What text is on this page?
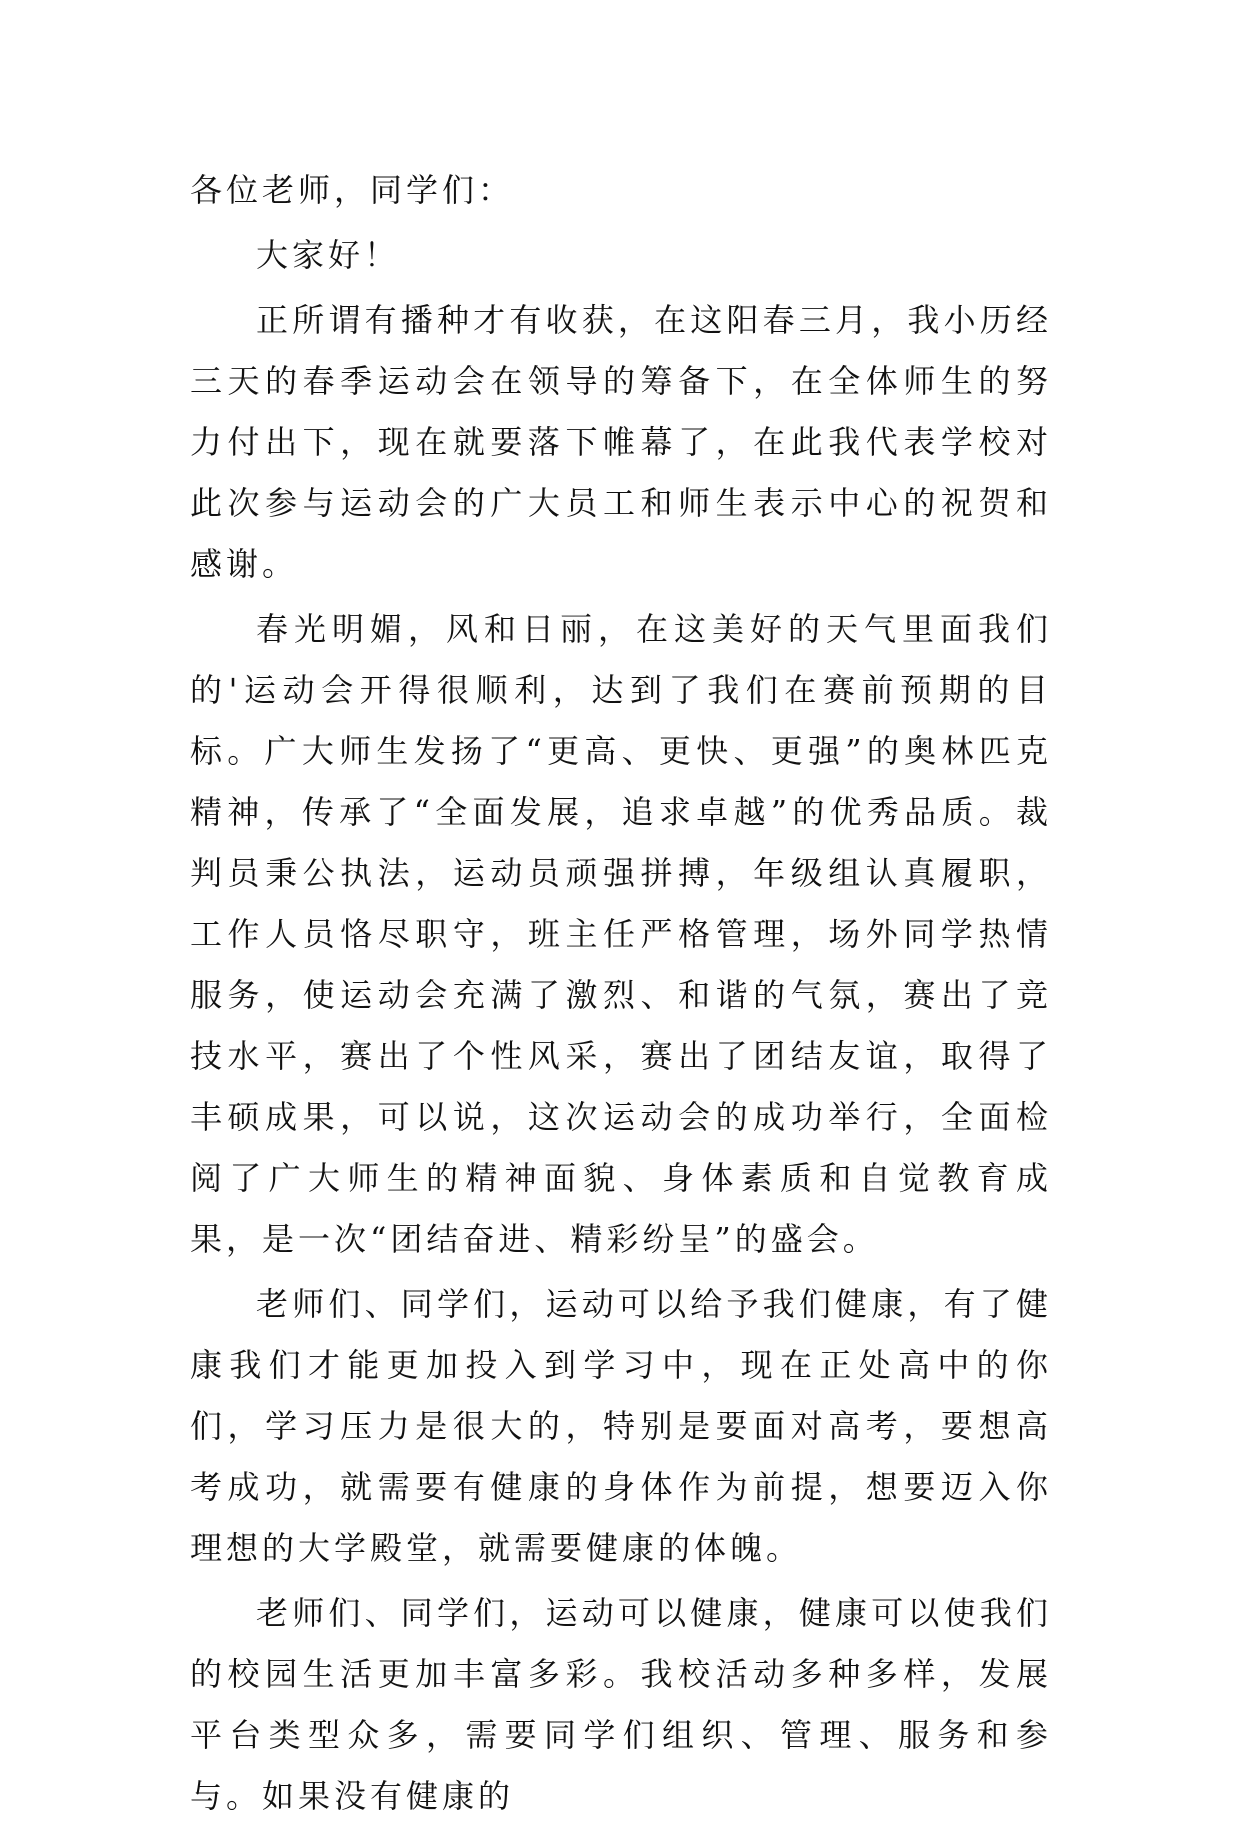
各位老师，同学们：

大家好！

正所谓有播种才有收获，在这阳春三月，我小历经三天的春季运动会在领导的筹备下，在全体师生的努力付出下，现在就要落下帷幕了，在此我代表学校对此次参与运动会的广大员工和师生表示中心的祝贺和感谢。

春光明媚，风和日丽，在这美好的天气里面我们的'运动会开得很顺利，达到了我们在赛前预期的目标。广大师生发扬了“更高、更快、更强”的奥林匹克精神，传承了“全面发展，追求卓越”的优秀品质。裁判员秉公执法，运动员顽强拼搏，年级组认真履职，工作人员恪尽职守，班主任严格管理，场外同学热情服务，使运动会充满了激烈、和谐的气氛，赛出了竞技水平，赛出了个性风采，赛出了团结友谊，取得了丰硕成果，可以说，这次运动会的成功举行，全面检阅了广大师生的精神面貌、身体素质和自觉教育成果，是一次“团结奋进、精彩纷呈”的盛会。

老师们、同学们，运动可以给予我们健康，有了健康我们才能更加投入到学习中，现在正处高中的你们，学习压力是很大的，特别是要面对高考，要想高考成功，就需要有健康的身体作为前提，想要迈入你理想的大学殿堂，就需要健康的体魄。

老师们、同学们，运动可以健康，健康可以使我们的校园生活更加丰富多彩。我校活动多种多样，发展平台类型众多，需要同学们组织、管理、服务和参与。如果没有健康的
